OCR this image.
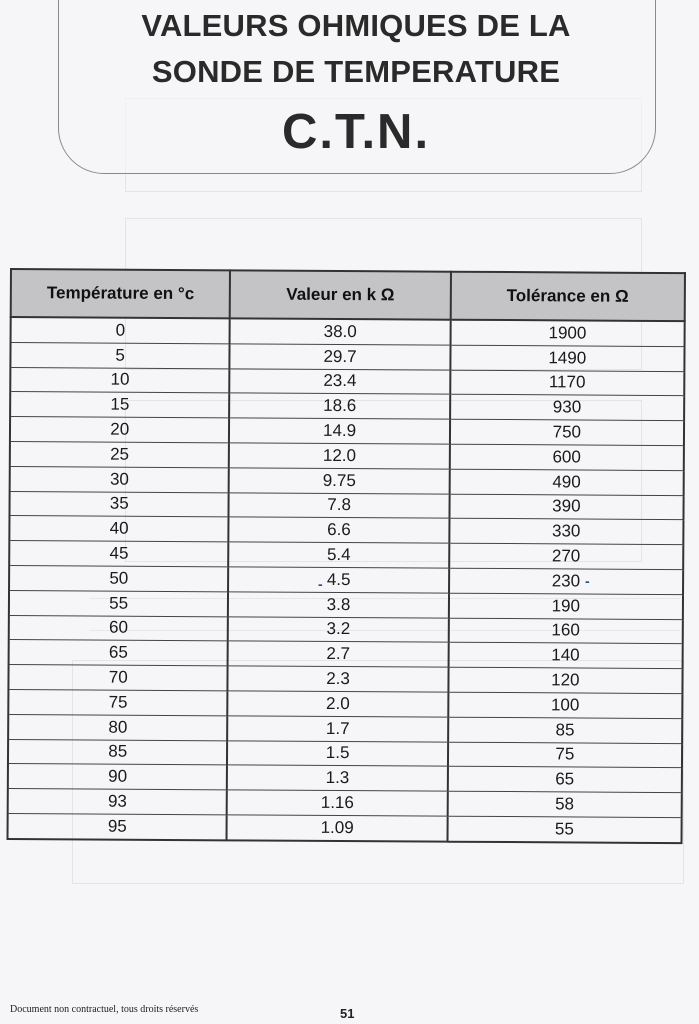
VALEURS OHMIQUES DE LA
SONDE DE TEMPERATURE
C.T.N.
Température en °c	Valeur en k Ω	Tolérance en Ω
0	38.0	1900
5	29.7	1490
10	23.4	1170
15	18.6	930
20	14.9	750
25	12.0	600
30	9.75	490
35	7.8	390
40	6.6	330
45	5.4	270
50	4.5	230
55	3.8	190
60	3.2	160
65	2.7	140
70	2.3	120
75	2.0	100
80	1.7	85
85	1.5	75
90	1.3	65
93	1.16	58
95	1.09	55
-	-
Document non contractuel, tous droits réservés	51
